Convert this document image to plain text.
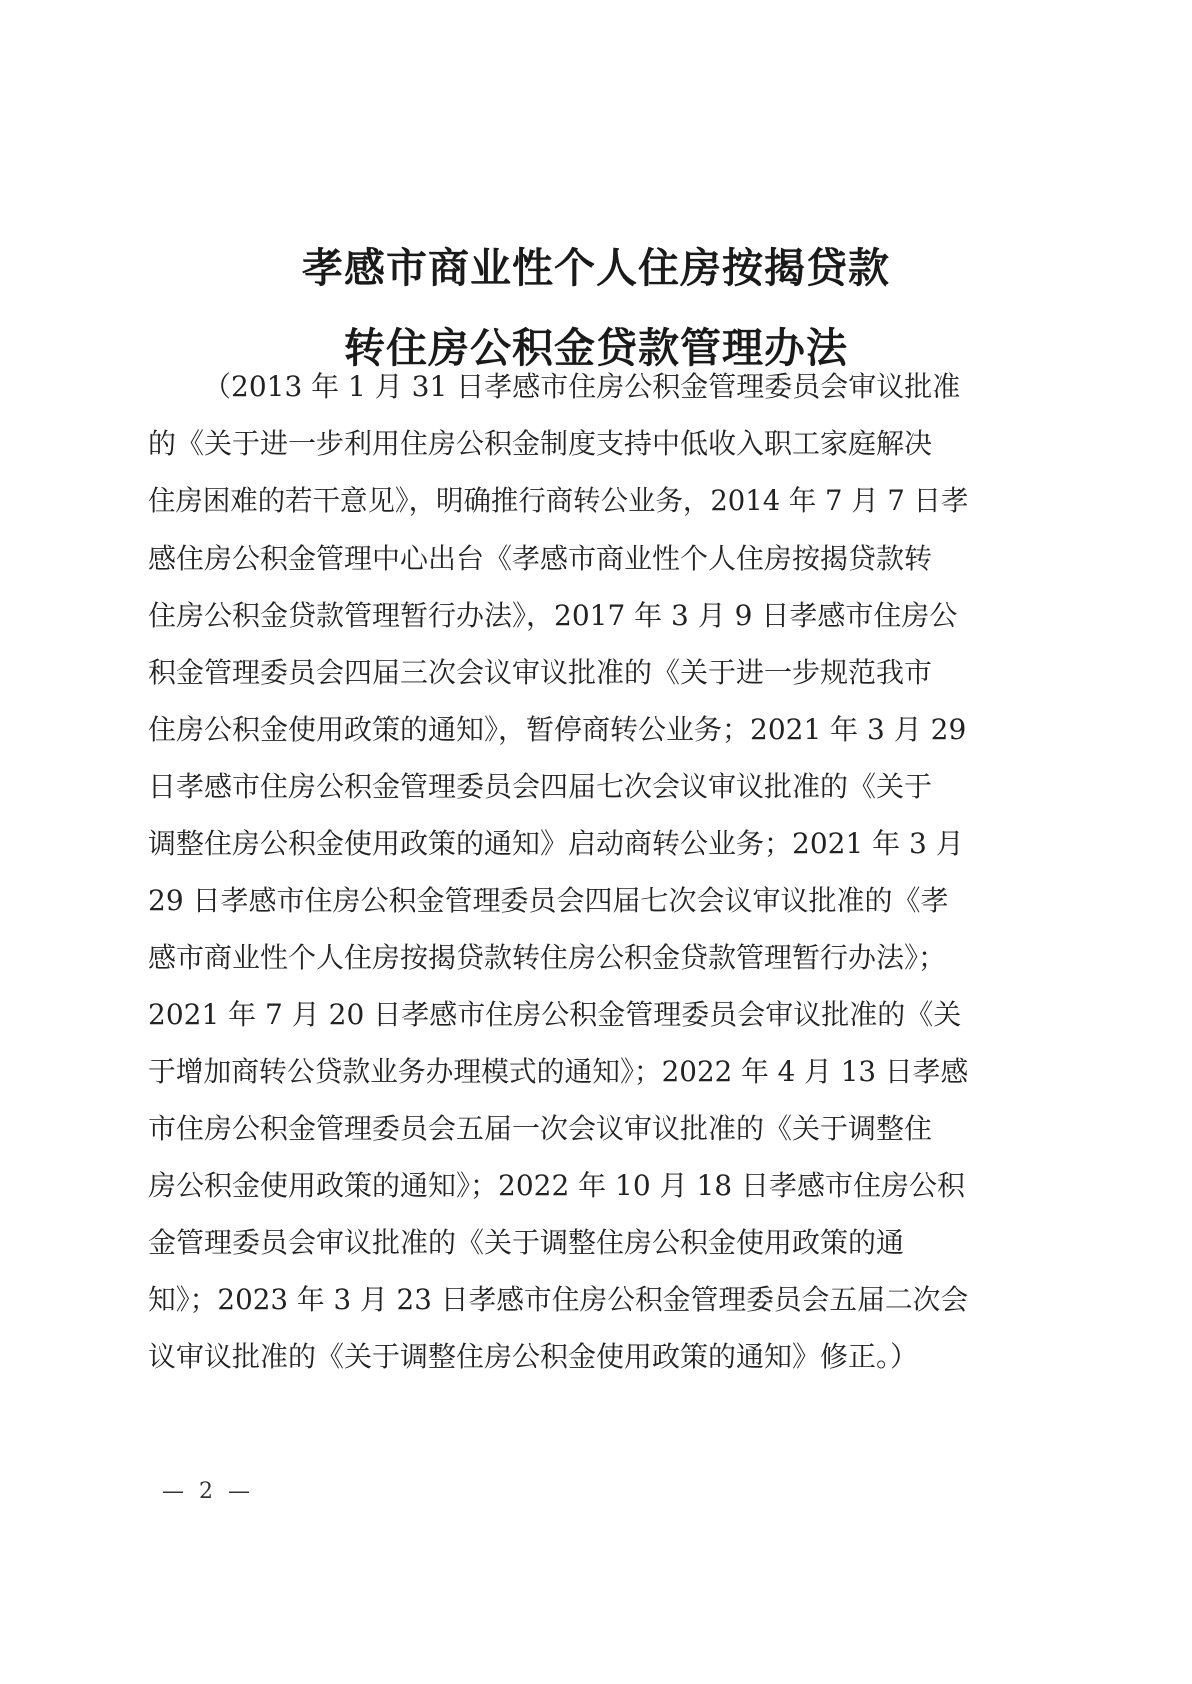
孝感市商业性个人住房按揭贷款
转住房公积金贷款管理办法
（2013 年 1 月 31 日孝感市住房公积金管理委员会审议批准
的《关于进一步利用住房公积金制度支持中低收入职工家庭解决
住房困难的若干意见》，明确推行商转公业务，2014 年 7 月 7 日孝
感住房公积金管理中心出台《孝感市商业性个人住房按揭贷款转
住房公积金贷款管理暂行办法》，2017 年 3 月 9 日孝感市住房公
积金管理委员会四届三次会议审议批准的《关于进一步规范我市
住房公积金使用政策的通知》，暂停商转公业务；2021 年 3 月 29
日孝感市住房公积金管理委员会四届七次会议审议批准的《关于
调整住房公积金使用政策的通知》启动商转公业务；2021 年 3 月
29 日孝感市住房公积金管理委员会四届七次会议审议批准的《孝
感市商业性个人住房按揭贷款转住房公积金贷款管理暂行办法》；
2021 年 7 月 20 日孝感市住房公积金管理委员会审议批准的《关
于增加商转公贷款业务办理模式的通知》；2022 年 4 月 13 日孝感
市住房公积金管理委员会五届一次会议审议批准的《关于调整住
房公积金使用政策的通知》；2022 年 10 月 18 日孝感市住房公积
金管理委员会审议批准的《关于调整住房公积金使用政策的通
知》；2023 年 3 月 23 日孝感市住房公积金管理委员会五届二次会
议审议批准的《关于调整住房公积金使用政策的通知》修正。）
— 2 —
